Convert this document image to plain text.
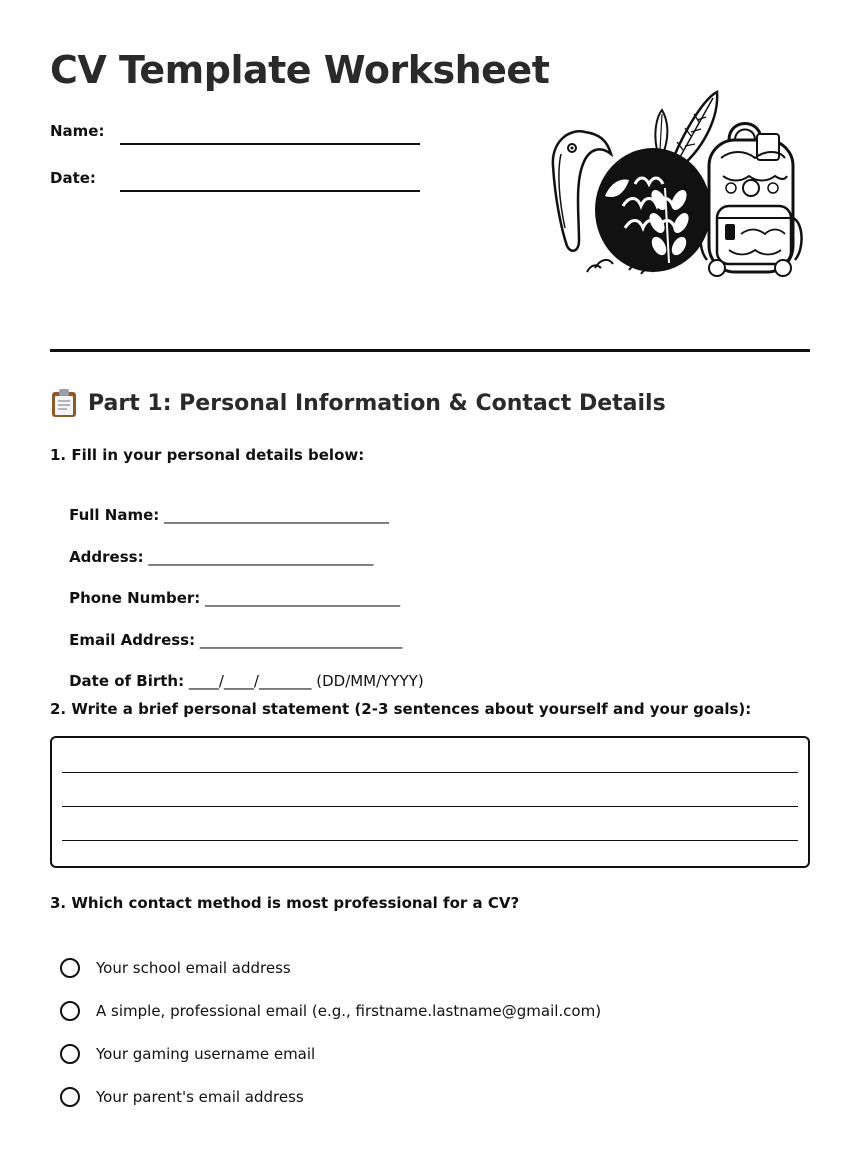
CV Template Worksheet
Name:
Date:
Part 1: Personal Information & Contact Details
1. Fill in your personal details below:

Full Name: ______________________________

Address: ______________________________

Phone Number: __________________________

Email Address: ___________________________

Date of Birth: ____/____/_______ (DD/MM/YYYY)

2. Write a brief personal statement (2-3 sentences about yourself and your goals):
3. Which contact method is most professional for a CV?
Your school email address
A simple, professional email (e.g., firstname.lastname@gmail.com)
Your gaming username email
Your parent's email address
